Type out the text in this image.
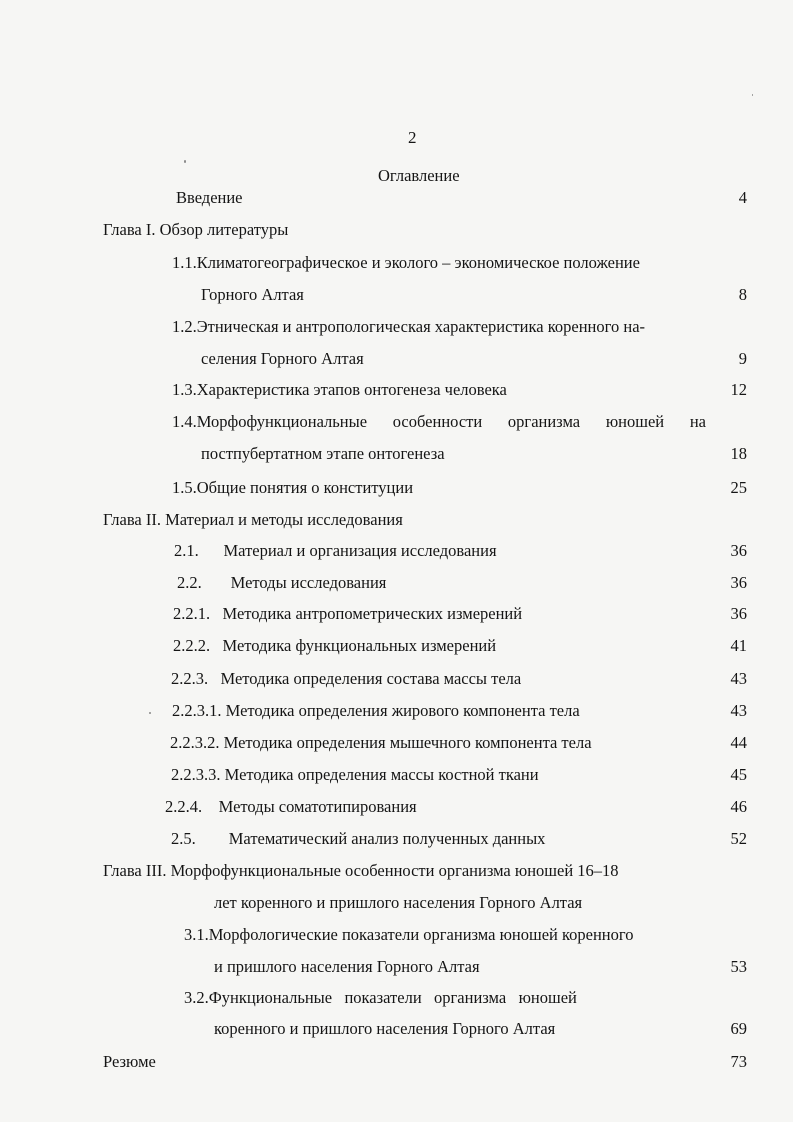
2
Оглавление
Введение	4
Глава I. Обзор литературы
1.1.Климатогеографическое и эколого – экономическое положение
Горного Алтая	8
1.2.Этническая и антропологическая характеристика коренного на-
селения Горного Алтая	9
1.3.Характеристика этапов онтогенеза человека	12
1.4.Морфофункциональные особенности организма юношей на
постпубертатном этапе онтогенеза	18
1.5.Общие понятия о конституции	25
Глава II. Материал и методы исследования
2.1.      Материал и организация исследования	36
2.2.       Методы исследования	36
2.2.1.   Методика антропометрических измерений	36
2.2.2.   Методика функциональных измерений	41
2.2.3.   Методика определения состава массы тела	43
2.2.3.1. Методика определения жирового компонента тела	43
2.2.3.2. Методика определения мышечного компонента тела	44
2.2.3.3. Методика определения массы костной ткани	45
2.2.4.    Методы соматотипирования	46
2.5.        Математический анализ полученных данных	52
Глава III. Морфофункциональные особенности организма юношей 16–18
лет коренного и пришлого населения Горного Алтая
3.1.Морфологические показатели организма юношей коренного
и пришлого населения Горного Алтая	53
3.2.Функциональные   показатели   организма   юношей
коренного и пришлого населения Горного Алтая	69
Резюме	73
